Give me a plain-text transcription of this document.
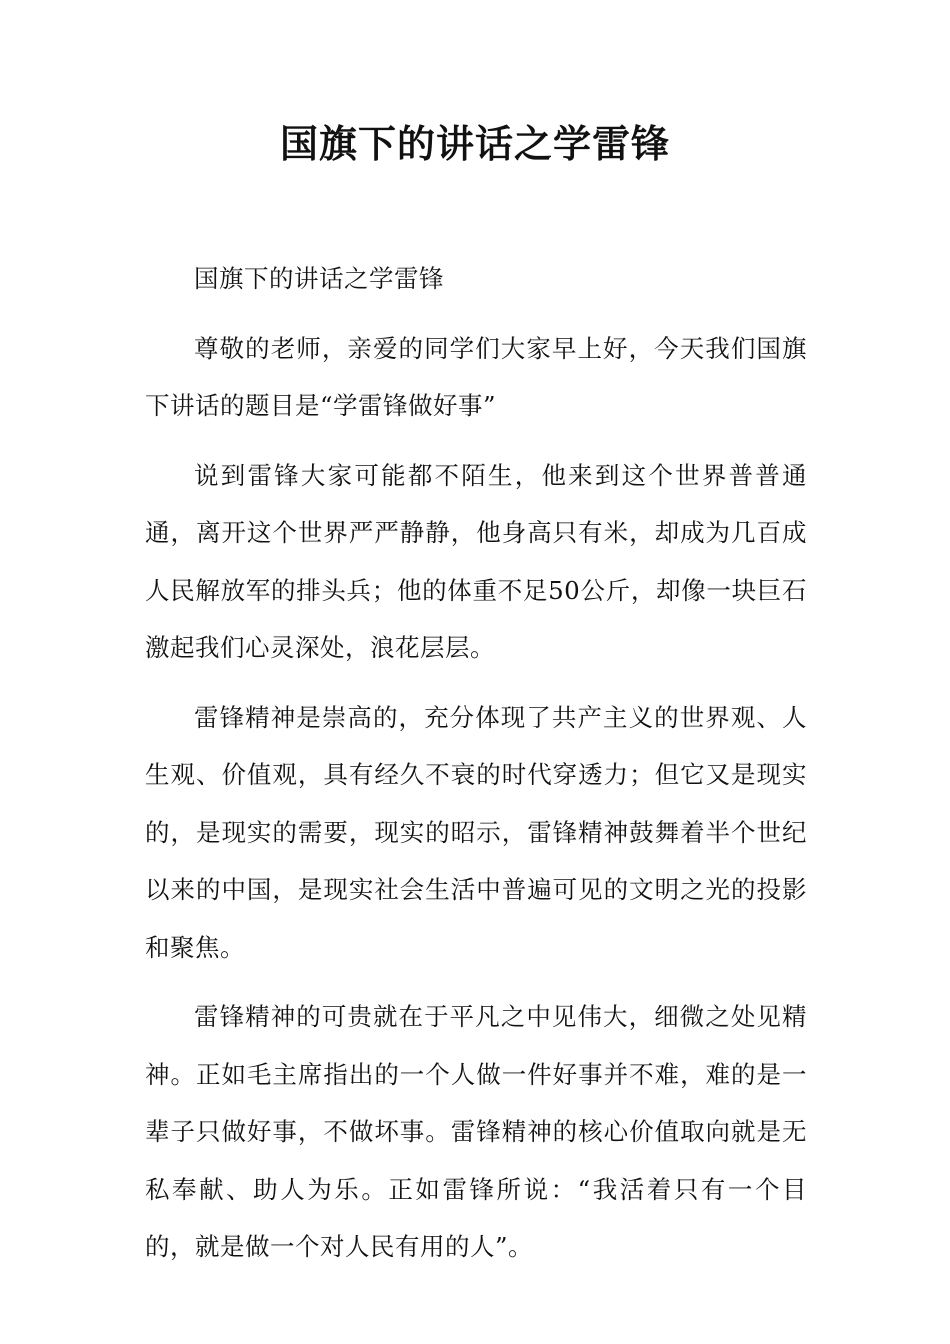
国旗下的讲话之学雷锋

国旗下的讲话之学雷锋

尊敬的老师，亲爱的同学们大家早上好，今天我们国旗下讲话的题目是“学雷锋做好事”

说到雷锋大家可能都不陌生，他来到这个世界普普通通，离开这个世界严严静静，他身高只有米，却成为几百成人民解放军的排头兵；他的体重不足50公斤，却像一块巨石激起我们心灵深处，浪花层层。

雷锋精神是崇高的，充分体现了共产主义的世界观、人生观、价值观，具有经久不衰的时代穿透力；但它又是现实的，是现实的需要，现实的昭示，雷锋精神鼓舞着半个世纪以来的中国，是现实社会生活中普遍可见的文明之光的投影和聚焦。

雷锋精神的可贵就在于平凡之中见伟大，细微之处见精神。正如毛主席指出的一个人做一件好事并不难，难的是一辈子只做好事，不做坏事。雷锋精神的核心价值取向就是无私奉献、助人为乐。正如雷锋所说：“我活着只有一个目的，就是做一个对人民有用的人”。
